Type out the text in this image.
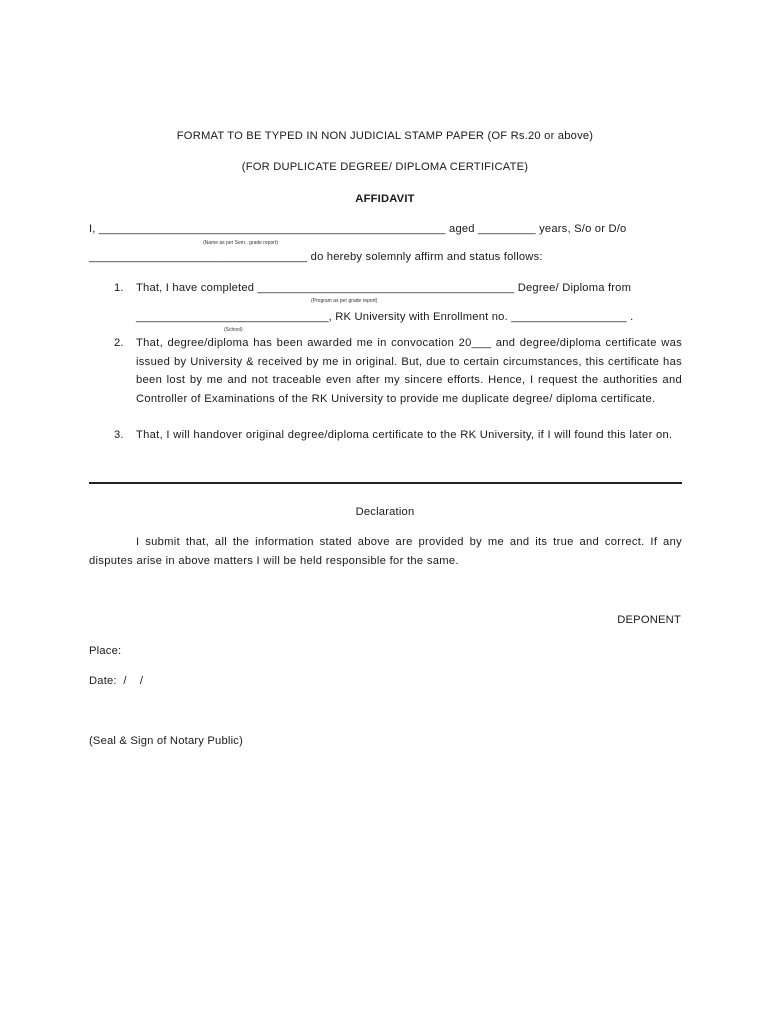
FORMAT TO BE TYPED IN NON JUDICIAL STAMP PAPER (OF Rs.20 or above)
(FOR DUPLICATE DEGREE/ DIPLOMA CERTIFICATE)
AFFIDAVIT
I, ______________________________________________________ aged _________ years, S/o or D/o
(Name as per Sem.. grade report)
__________________________________ do hereby solemnly affirm and status follows:
1. That, I have completed ________________________________________ Degree/ Diploma from
(Program as per grade report)
______________________________, RK University with Enrollment no. __________________ .
(School)
2. That, degree/diploma has been awarded me in convocation 20___ and degree/diploma certificate was issued by University & received by me in original. But, due to certain circumstances, this certificate has been lost by me and not traceable even after my sincere efforts. Hence, I request the authorities and Controller of Examinations of the RK University to provide me duplicate degree/ diploma certificate.
3. That, I will handover original degree/diploma certificate to the RK University, if I will found this later on.
Declaration
I submit that, all the information stated above are provided by me and its true and correct. If any disputes arise in above matters I will be held responsible for the same.
DEPONENT
Place:
Date:  /    /
(Seal & Sign of Notary Public)
